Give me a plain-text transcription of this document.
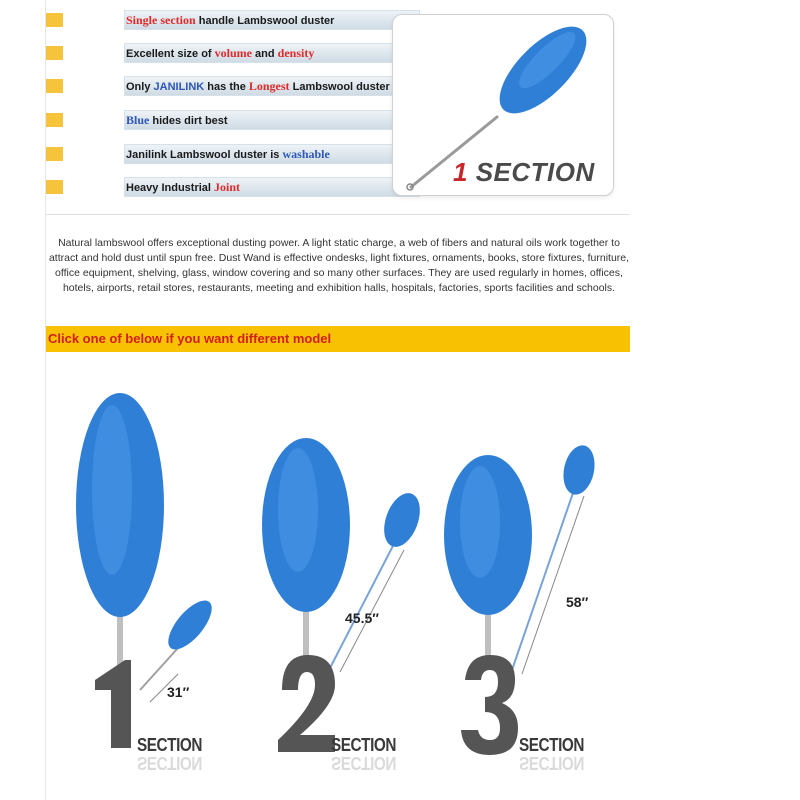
Single section handle Lambswool duster
Excellent size of volume and density
Only JANILINK has the Longest Lambswool duster
Blue hides dirt best
Janilink Lambswool duster is washable
Heavy Industrial Joint	1 SECTION
Natural lambswool offers exceptional dusting power. A light static charge, a web of fibers and natural oils work together to attract and hold dust until spun free. Dust Wand is effective ondesks, light fixtures, ornaments, books, store fixtures, furniture, office equipment, shelving, glass, window covering and so many other surfaces. They are used regularly in homes, offices, hotels, airports, retail stores, restaurants, meeting and exhibition halls, hospitals, factories, sports facilities and schools.
Click one of below if you want different model
31″
45.5″
58″
SECTION	SECTION	SECTION
SECTION	SECTION	SECTION
